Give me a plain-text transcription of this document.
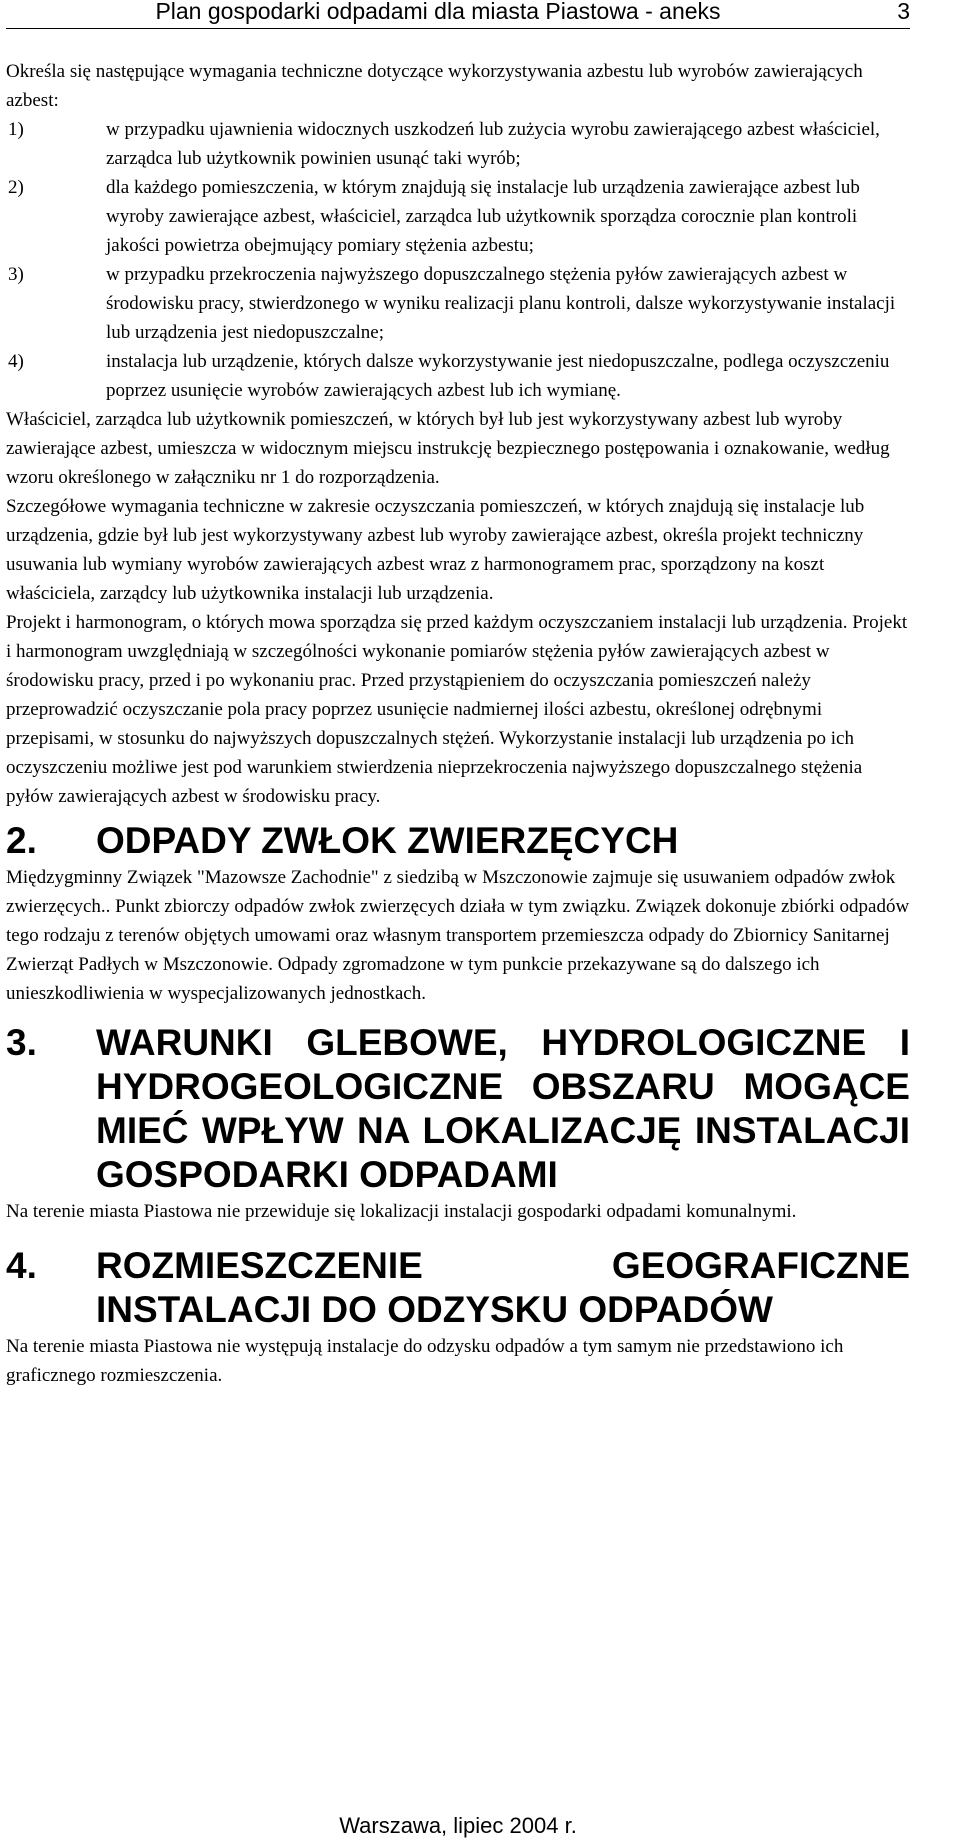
Plan gospodarki odpadami dla miasta Piastowa - aneks	3

Określa się następujące wymagania techniczne dotyczące wykorzystywania azbestu lub wyrobów zawierających azbest:

1)	w przypadku ujawnienia widocznych uszkodzeń lub zużycia wyrobu zawierającego azbest właściciel, zarządca lub użytkownik powinien usunąć taki wyrób;
2)	dla każdego pomieszczenia, w którym znajdują się instalacje lub urządzenia zawierające azbest lub wyroby zawierające azbest, właściciel, zarządca lub użytkownik sporządza corocznie plan kontroli jakości powietrza obejmujący pomiary stężenia azbestu;
3)	w przypadku przekroczenia najwyższego dopuszczalnego stężenia pyłów zawierających azbest w środowisku pracy, stwierdzonego w wyniku realizacji planu kontroli, dalsze wykorzystywanie instalacji lub urządzenia jest niedopuszczalne;
4)	instalacja lub urządzenie, których dalsze wykorzystywanie jest niedopuszczalne, podlega oczyszczeniu poprzez usunięcie wyrobów zawierających azbest lub ich wymianę.

Właściciel, zarządca lub użytkownik pomieszczeń, w których był lub jest wykorzystywany azbest lub wyroby zawierające azbest, umieszcza w widocznym miejscu instrukcję bezpiecznego postępowania i oznakowanie, według wzoru określonego w załączniku nr 1 do rozporządzenia.

Szczegółowe wymagania techniczne w zakresie oczyszczania pomieszczeń, w których znajdują się instalacje lub urządzenia, gdzie był lub jest wykorzystywany azbest lub wyroby zawierające azbest, określa projekt techniczny usuwania lub wymiany wyrobów zawierających azbest wraz z harmonogramem prac, sporządzony na koszt właściciela, zarządcy lub użytkownika instalacji lub urządzenia.

Projekt i harmonogram, o których mowa sporządza się przed każdym oczyszczaniem instalacji lub urządzenia. Projekt i harmonogram uwzględniają w szczególności wykonanie pomiarów stężenia pyłów zawierających azbest w środowisku pracy, przed i po wykonaniu prac. Przed przystąpieniem do oczyszczania pomieszczeń należy przeprowadzić oczyszczanie pola pracy poprzez usunięcie nadmiernej ilości azbestu, określonej odrębnymi przepisami, w stosunku do najwyższych dopuszczalnych stężeń. Wykorzystanie instalacji lub urządzenia po ich oczyszczeniu możliwe jest pod warunkiem stwierdzenia nieprzekroczenia najwyższego dopuszczalnego stężenia pyłów zawierających azbest w środowisku pracy.

2. ODPADY ZWŁOK ZWIERZĘCYCH

Międzygminny Związek "Mazowsze Zachodnie" z siedzibą w Mszczonowie zajmuje się usuwaniem odpadów zwłok zwierzęcych.. Punkt zbiorczy odpadów zwłok zwierzęcych działa w tym związku. Związek dokonuje zbiórki odpadów tego rodzaju z terenów objętych umowami oraz własnym transportem przemieszcza odpady do Zbiornicy Sanitarnej Zwierząt Padłych w Mszczonowie. Odpady zgromadzone w tym punkcie przekazywane są do dalszego ich unieszkodliwienia w wyspecjalizowanych jednostkach.

3. WARUNKI GLEBOWE, HYDROLOGICZNE I HYDROGEOLOGICZNE OBSZARU MOGĄCE MIEĆ WPŁYW NA LOKALIZACJĘ INSTALACJI GOSPODARKI ODPADAMI

Na terenie miasta Piastowa nie przewiduje się lokalizacji instalacji gospodarki odpadami komunalnymi.

4. ROZMIESZCZENIE GEOGRAFICZNE INSTALACJI DO ODZYSKU ODPADÓW

Na terenie miasta Piastowa nie występują instalacje do odzysku odpadów a tym samym nie przedstawiono ich graficznego rozmieszczenia.

Warszawa, lipiec 2004 r.
